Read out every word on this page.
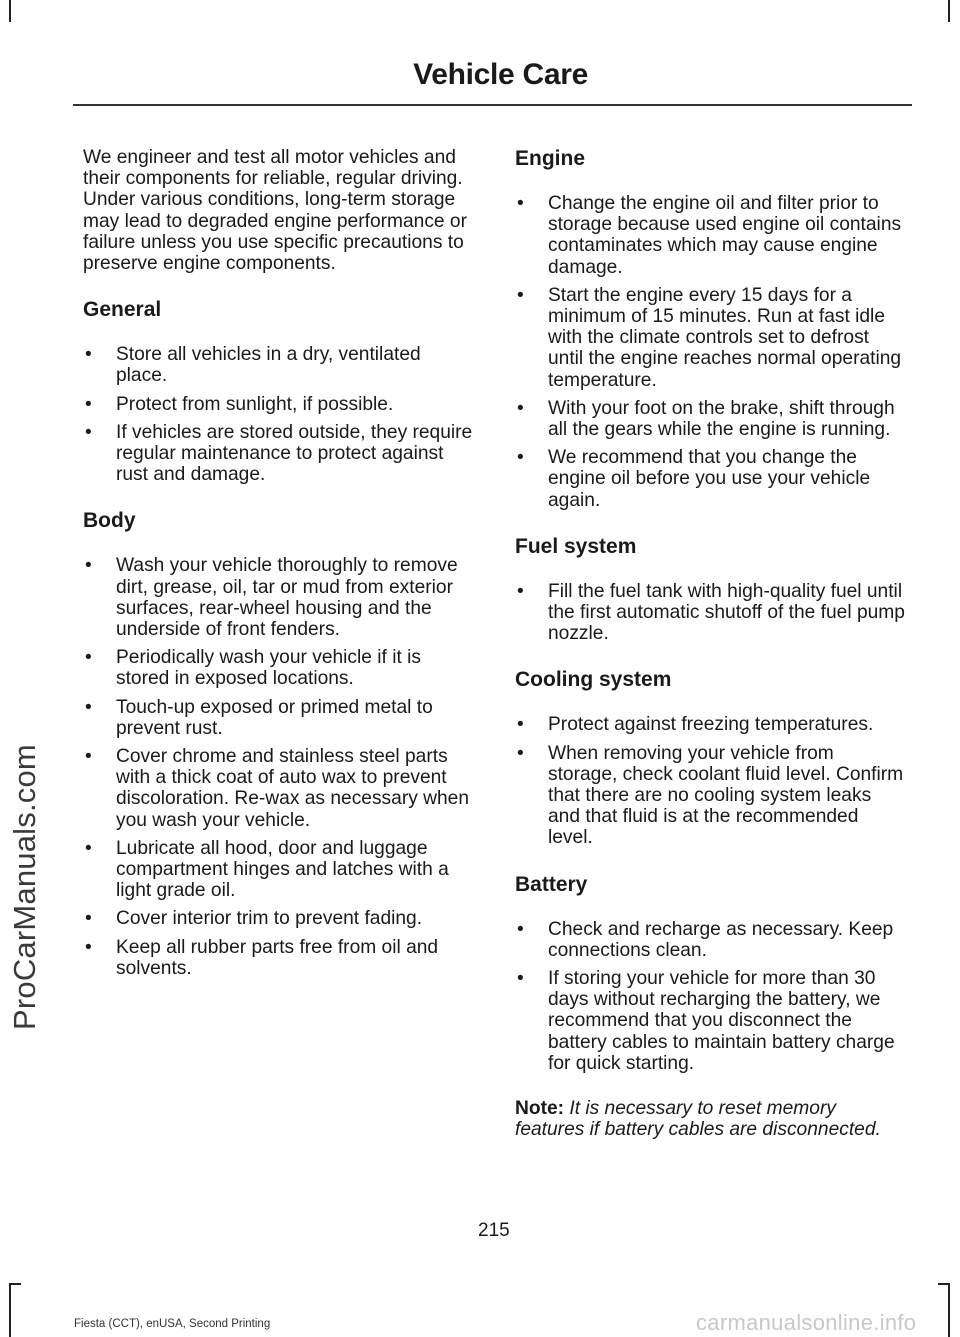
Vehicle Care
ProCarManuals.com

We engineer and test all motor vehicles and their components for reliable, regular driving. Under various conditions, long-term storage may lead to degraded engine performance or failure unless you use specific precautions to preserve engine components.

General
• Store all vehicles in a dry, ventilated place.
• Protect from sunlight, if possible.
• If vehicles are stored outside, they require regular maintenance to protect against rust and damage.
Body
• Wash your vehicle thoroughly to remove dirt, grease, oil, tar or mud from exterior surfaces, rear-wheel housing and the underside of front fenders.
• Periodically wash your vehicle if it is stored in exposed locations.
• Touch-up exposed or primed metal to prevent rust.
• Cover chrome and stainless steel parts with a thick coat of auto wax to prevent discoloration. Re-wax as necessary when you wash your vehicle.
• Lubricate all hood, door and luggage compartment hinges and latches with a light grade oil.
• Cover interior trim to prevent fading.
• Keep all rubber parts free from oil and solvents.
Engine
• Change the engine oil and filter prior to storage because used engine oil contains contaminates which may cause engine damage.
• Start the engine every 15 days for a minimum of 15 minutes. Run at fast idle with the climate controls set to defrost until the engine reaches normal operating temperature.
• With your foot on the brake, shift through all the gears while the engine is running.
• We recommend that you change the engine oil before you use your vehicle again.
Fuel system
• Fill the fuel tank with high-quality fuel until the first automatic shutoff of the fuel pump nozzle.
Cooling system
• Protect against freezing temperatures.
• When removing your vehicle from storage, check coolant fluid level. Confirm that there are no cooling system leaks and that fluid is at the recommended level.
Battery
• Check and recharge as necessary. Keep connections clean.
• If storing your vehicle for more than 30 days without recharging the battery, we recommend that you disconnect the battery cables to maintain battery charge for quick starting.

Note: It is necessary to reset memory features if battery cables are disconnected.

215
Fiesta (CCT), enUSA, Second Printing	carmanualsonline.info
